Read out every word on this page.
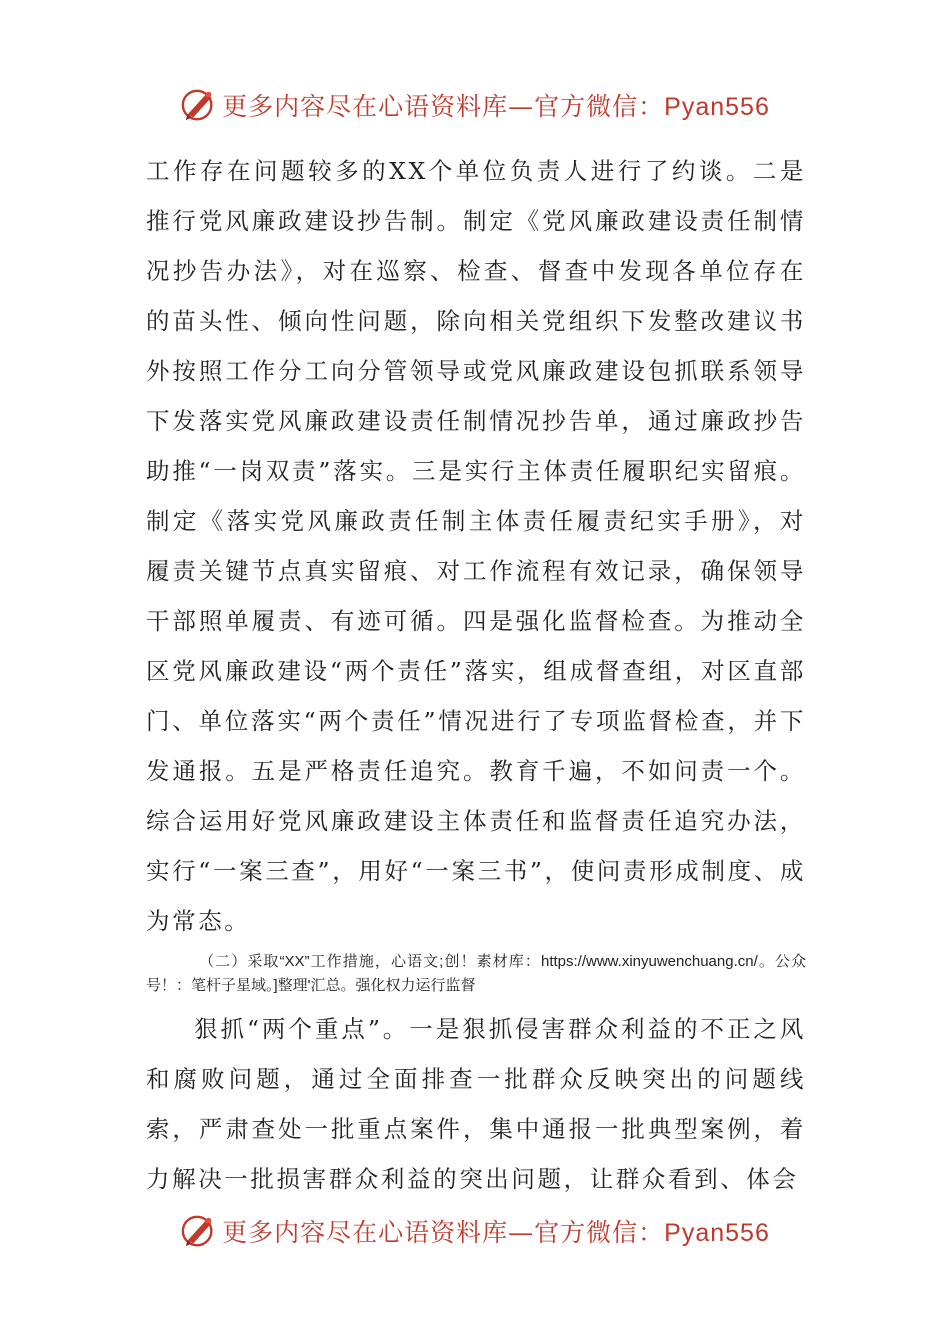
更多内容尽在心语资料库—官方微信：Pyan556

工作存在问题较多的XX个单位负责人进行了约谈。二是推行党风廉政建设抄告制。制定《党风廉政建设责任制情况抄告办法》，对在巡察、检查、督查中发现各单位存在的苗头性、倾向性问题，除向相关党组织下发整改建议书外按照工作分工向分管领导或党风廉政建设包抓联系领导下发落实党风廉政建设责任制情况抄告单，通过廉政抄告助推“一岗双责”落实。三是实行主体责任履职纪实留痕。制定《落实党风廉政责任制主体责任履责纪实手册》，对履责关键节点真实留痕、对工作流程有效记录，确保领导干部照单履责、有迹可循。四是强化监督检查。为推动全区党风廉政建设“两个责任”落实，组成督查组，对区直部门、单位落实“两个责任”情况进行了专项监督检查，并下发通报。五是严格责任追究。教育千遍，不如问责一个。综合运用好党风廉政建设主体责任和监督责任追究办法，实行“一案三查”，用好“一案三书”，使问责形成制度、成为常态。

（二）采取“XX”工作措施，心语文;创！素材库：https://www.xinyuwenchuang.cn/。公众号！：笔杆子星域。]整理'汇总。强化权力运行监督

狠抓“两个重点”。一是狠抓侵害群众利益的不正之风和腐败问题，通过全面排查一批群众反映突出的问题线索，严肃查处一批重点案件，集中通报一批典型案例，着力解决一批损害群众利益的突出问题，让群众看到、体会

更多内容尽在心语资料库—官方微信：Pyan556
